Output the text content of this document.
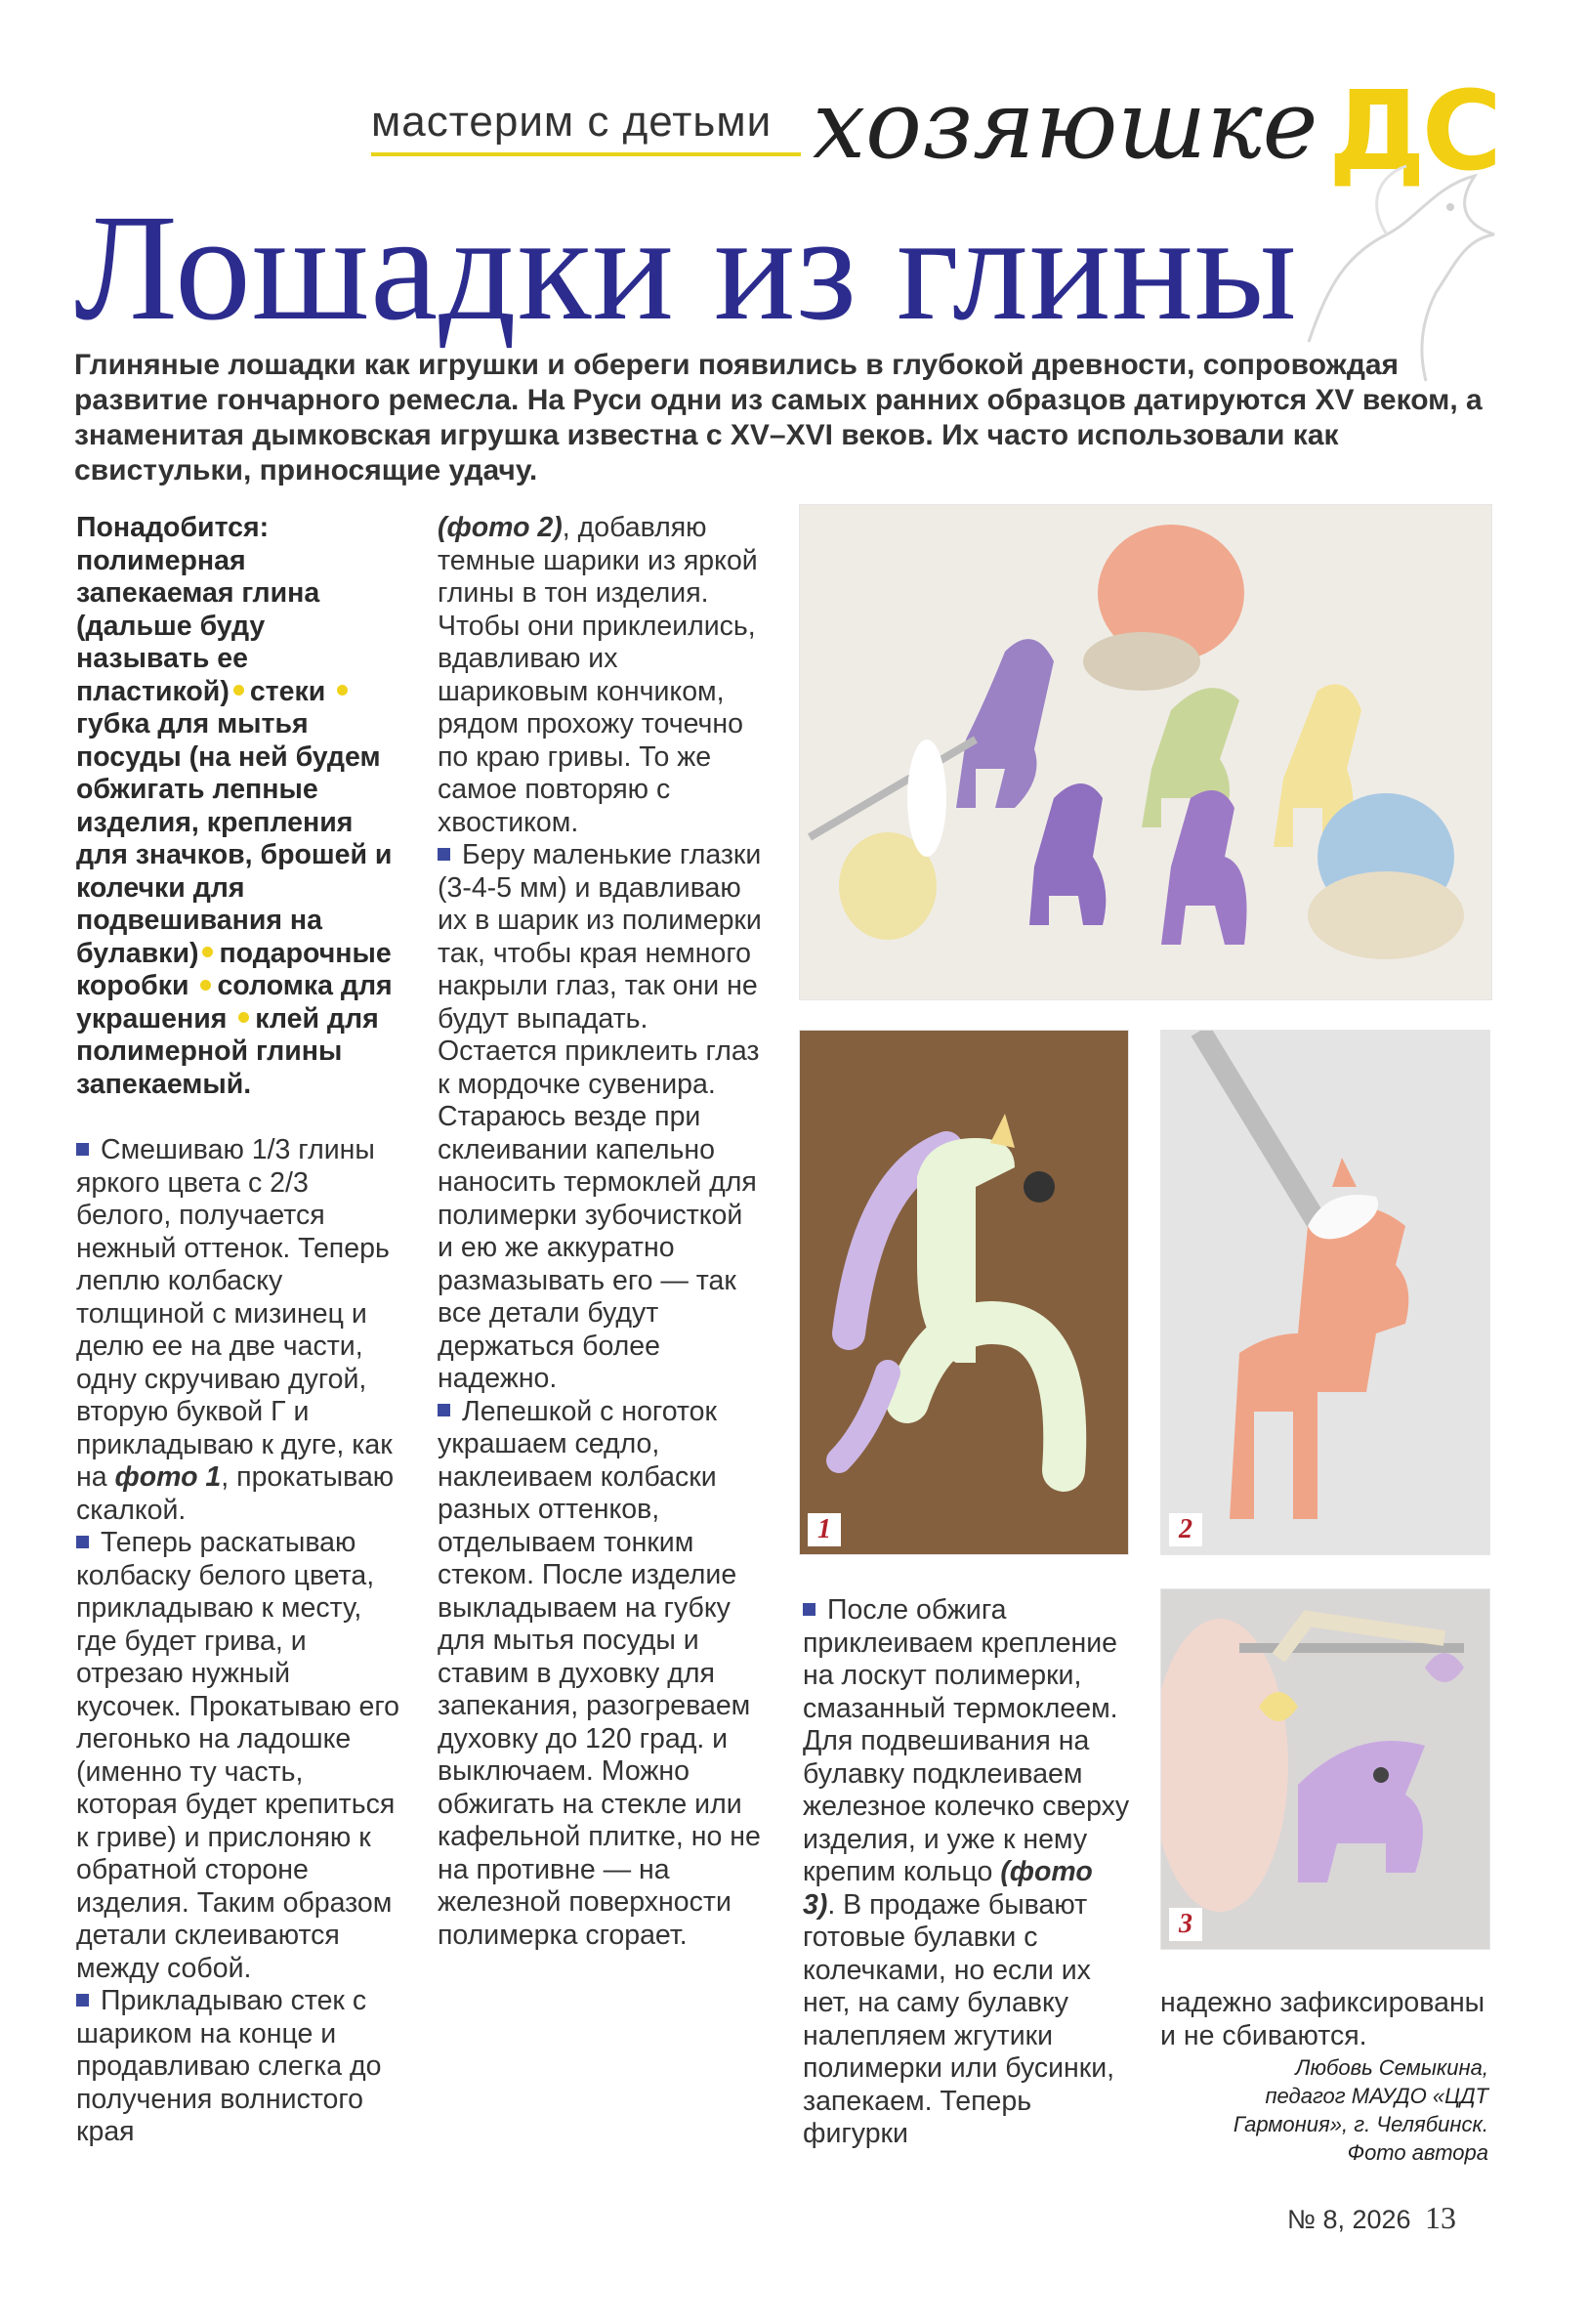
мастерим с детьми хозяюшке ДС
Лошадки из глины
Глиняные лошадки как игрушки и обереги появились в глубокой древности, сопровождая развитие гончарного ремесла. На Руси одни из самых ранних образцов датируются XV веком, а знаменитая дымковская игрушка известна с XV–XVI веков. Их часто использовали как свистульки, приносящие удачу.

Понадобится: полимерная запекаемая глина (дальше буду называть ее пластикой) стеки губка для мытья посуды (на ней будем обжигать лепные изделия, крепления для значков, брошей и колечки для подвешивания на булавки) подарочные коробки соломка для украшения клей для полимерной глины запекаемый.

Смешиваю 1/3 глины яркого цвета с 2/3 белого, получается нежный оттенок. Теперь леплю колбаску толщиной с мизинец и делю ее на две части, одну скручиваю дугой, вторую буквой Г и прикладываю к дуге, как на фото 1, прокатываю скалкой.

Теперь раскатываю колбаску белого цвета, прикладываю к месту, где будет грива, и отрезаю нужный кусочек. Прокатываю его легонько на ладошке (именно ту часть, которая будет крепиться к гриве) и прислоняю к обратной стороне изделия. Таким образом детали склеиваются между собой.

Прикладываю стек с шариком на конце и продавливаю слегка до получения волнистого края

(фото 2), добавляю темные шарики из яркой глины в тон изделия. Чтобы они приклеились, вдавливаю их шариковым кончиком, рядом прохожу точечно по краю гривы. То же самое повторяю с хвостиком.

Беру маленькие глазки (3-4-5 мм) и вдавливаю их в шарик из полимерки так, чтобы края немного накрыли глаз, так они не будут выпадать. Остается приклеить глаз к мордочке сувенира. Стараюсь везде при склеивании капельно наносить термоклей для полимерки зубочисткой и ею же аккуратно размазывать его — так все детали будут держаться более надежно.

Лепешкой с ноготок украшаем седло, наклеиваем колбаски разных оттенков, отделываем тонким стеком. После изделие выкладываем на губку для мытья посуды и ставим в духовку для запекания, разогреваем духовку до 120 град. и выключаем. Можно обжигать на стекле или кафельной плитке, но не на противне — на железной поверхности полимерка сгорает.

После обжига приклеиваем крепление на лоскут полимерки, смазанный термоклеем. Для подвешивания на булавку подклеиваем железное колечко сверху изделия, и уже к нему крепим кольцо (фото 3). В продаже бывают готовые булавки с колечками, но если их нет, на саму булавку налепляем жгутики полимерки или бусинки, запекаем. Теперь фигурки

1	2
3
надежно зафиксированы и не сбиваются.
Любовь Семыкина,
педагог МАУДО «ЦДТ
Гармония», г. Челябинск.
Фото автора
№ 8, 2026 13
